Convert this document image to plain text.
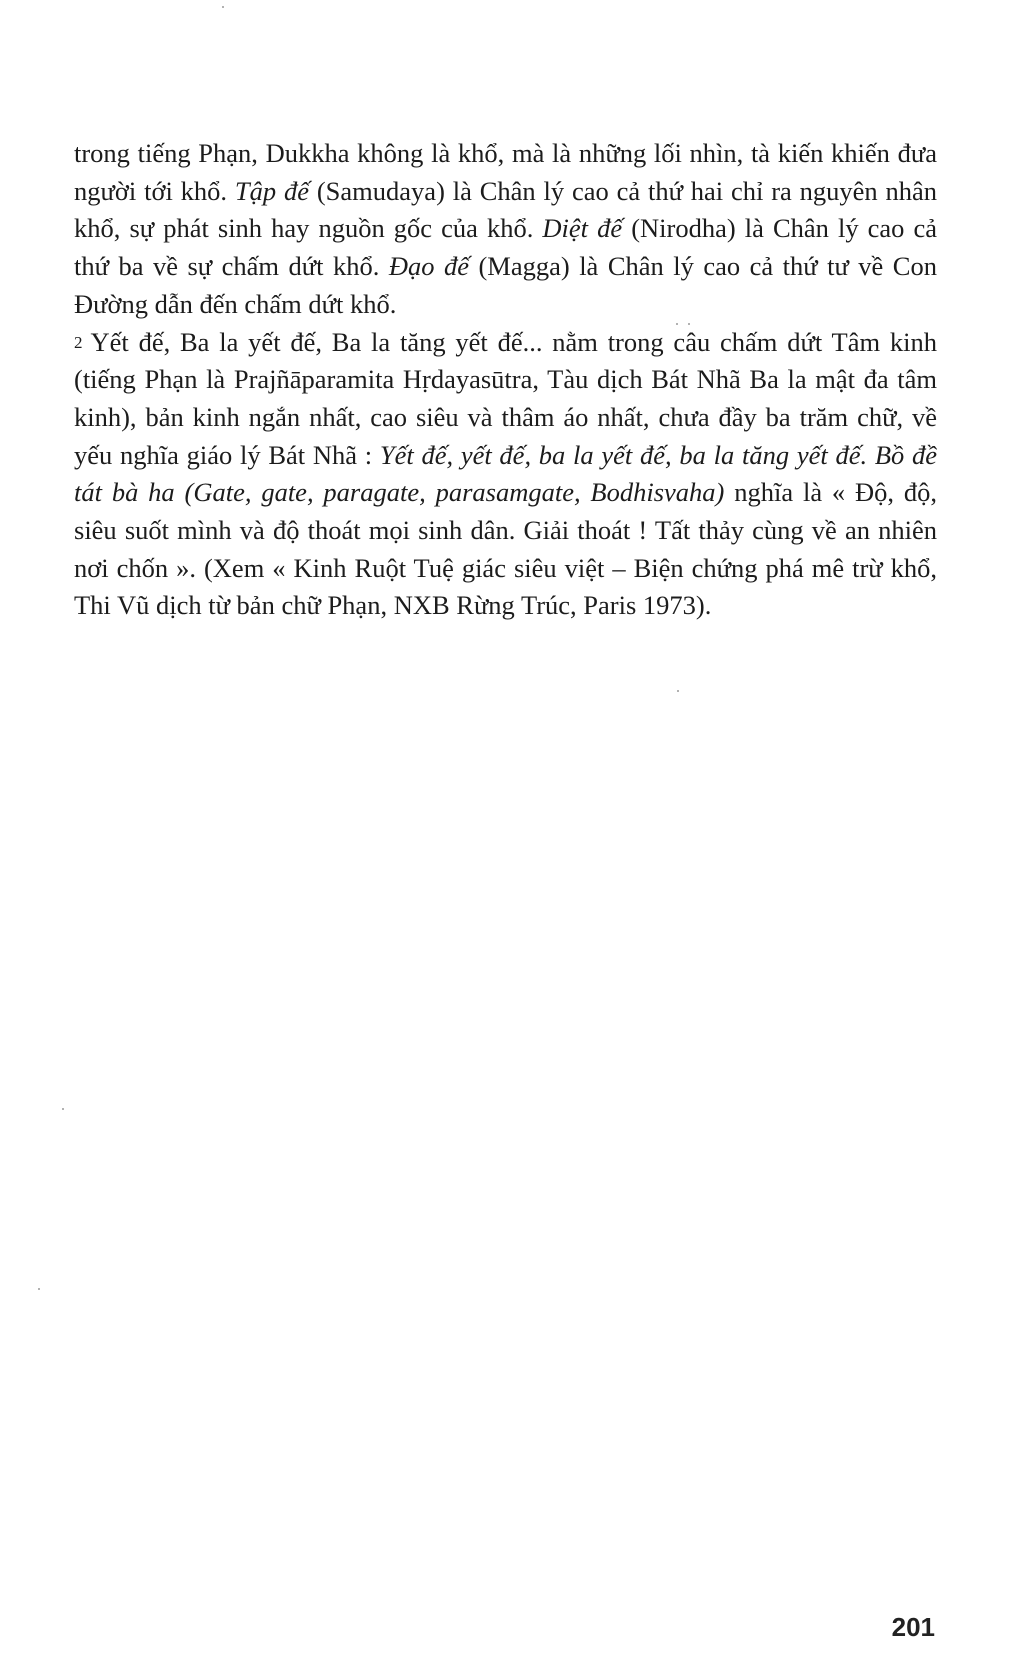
trong tiếng Phạn, Dukkha không là khổ, mà là những lối nhìn, tà kiến khiến đưa người tới khổ. Tập đế (Samudaya) là Chân lý cao cả thứ hai chỉ ra nguyên nhân khổ, sự phát sinh hay nguồn gốc của khổ. Diệt đế (Nirodha) là Chân lý cao cả thứ ba về sự chấm dứt khổ. Đạo đế (Magga) là Chân lý cao cả thứ tư về Con Đường dẫn đến chấm dứt khổ.

2 Yết đế, Ba la yết đế, Ba la tăng yết đế... nằm trong câu chấm dứt Tâm kinh (tiếng Phạn là Prajñāparamita Hṛdayasūtra, Tàu dịch Bát Nhã Ba la mật đa tâm kinh), bản kinh ngắn nhất, cao siêu và thâm áo nhất, chưa đầy ba trăm chữ, về yếu nghĩa giáo lý Bát Nhã : Yết đế, yết đế, ba la yết đế, ba la tăng yết đế. Bồ đề tát bà ha (Gate, gate, paragate, parasamgate, Bodhisvaha) nghĩa là « Độ, độ, siêu suốt mình và độ thoát mọi sinh dân. Giải thoát ! Tất thảy cùng về an nhiên nơi chốn ». (Xem « Kinh Ruột Tuệ giác siêu việt – Biện chứng phá mê trừ khổ, Thi Vũ dịch từ bản chữ Phạn, NXB Rừng Trúc, Paris 1973).

201
